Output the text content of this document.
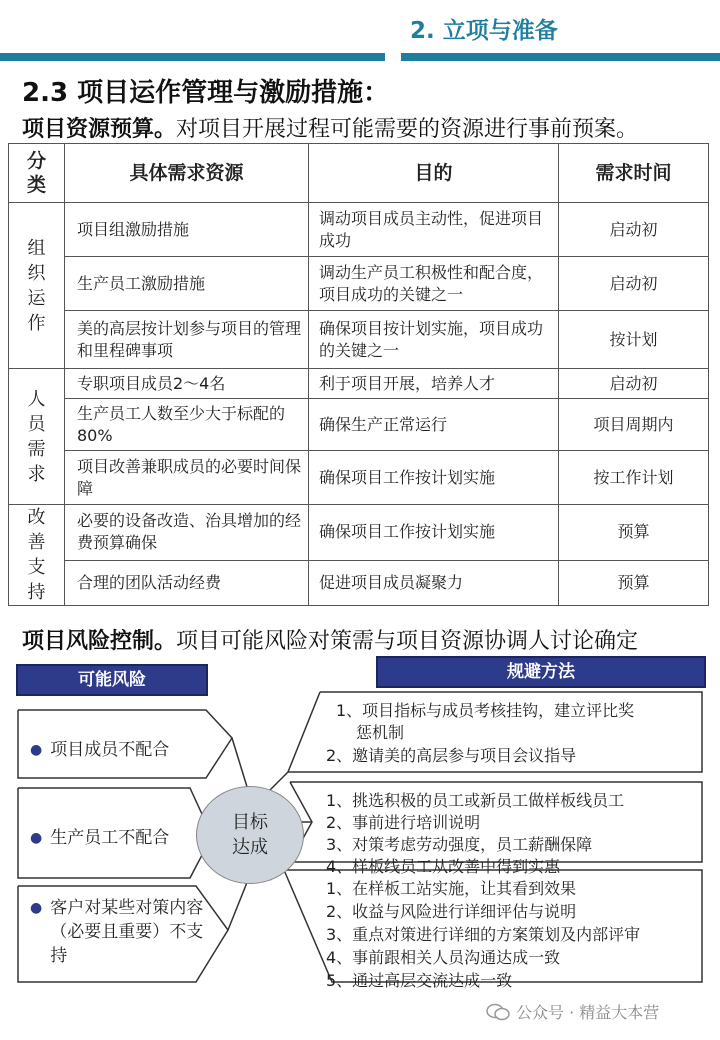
2. 立项与准备
2.3 项目运作管理与激励措施：
项目资源预算。对项目开展过程可能需要的资源进行事前预案。
分
类	具体需求资源	目的	需求时间
组
织
运
作	项目组激励措施	调动项目成员主动性，促进项目成功	启动初
	生产员工激励措施	调动生产员工积极性和配合度，项目成功的关键之一	启动初
	美的高层按计划参与项目的管理和里程碑事项	确保项目按计划实施，项目成功的关键之一	按计划
人
员
需
求	专职项目成员2～4名	利于项目开展，培养人才	启动初
	生产员工人数至少大于标配的80%	确保生产正常运行	项目周期内
	项目改善兼职成员的必要时间保障	确保项目工作按计划实施	按工作计划
改
善
支
持	必要的设备改造、治具增加的经费预算确保	确保项目工作按计划实施	预算
	合理的团队活动经费	促进项目成员凝聚力	预算
项目风险控制。项目可能风险对策需与项目资源协调人讨论确定
可能风险	规避方法
● 项目成员不配合
● 生产员工不配合
● 客户对某些对策内容
（必要且重要）不支
持
目标
达成
1、项目指标与成员考核挂钩，建立评比奖
惩机制
2、邀请美的高层参与项目会议指导
1、挑选积极的员工或新员工做样板线员工
2、事前进行培训说明
3、对策考虑劳动强度，员工薪酬保障
4、样板线员工从改善中得到实惠
1、在样板工站实施，让其看到效果
2、收益与风险进行详细评估与说明
3、重点对策进行详细的方案策划及内部评审
4、事前跟相关人员沟通达成一致
5、通过高层交流达成一致
公众号 · 精益大本营
